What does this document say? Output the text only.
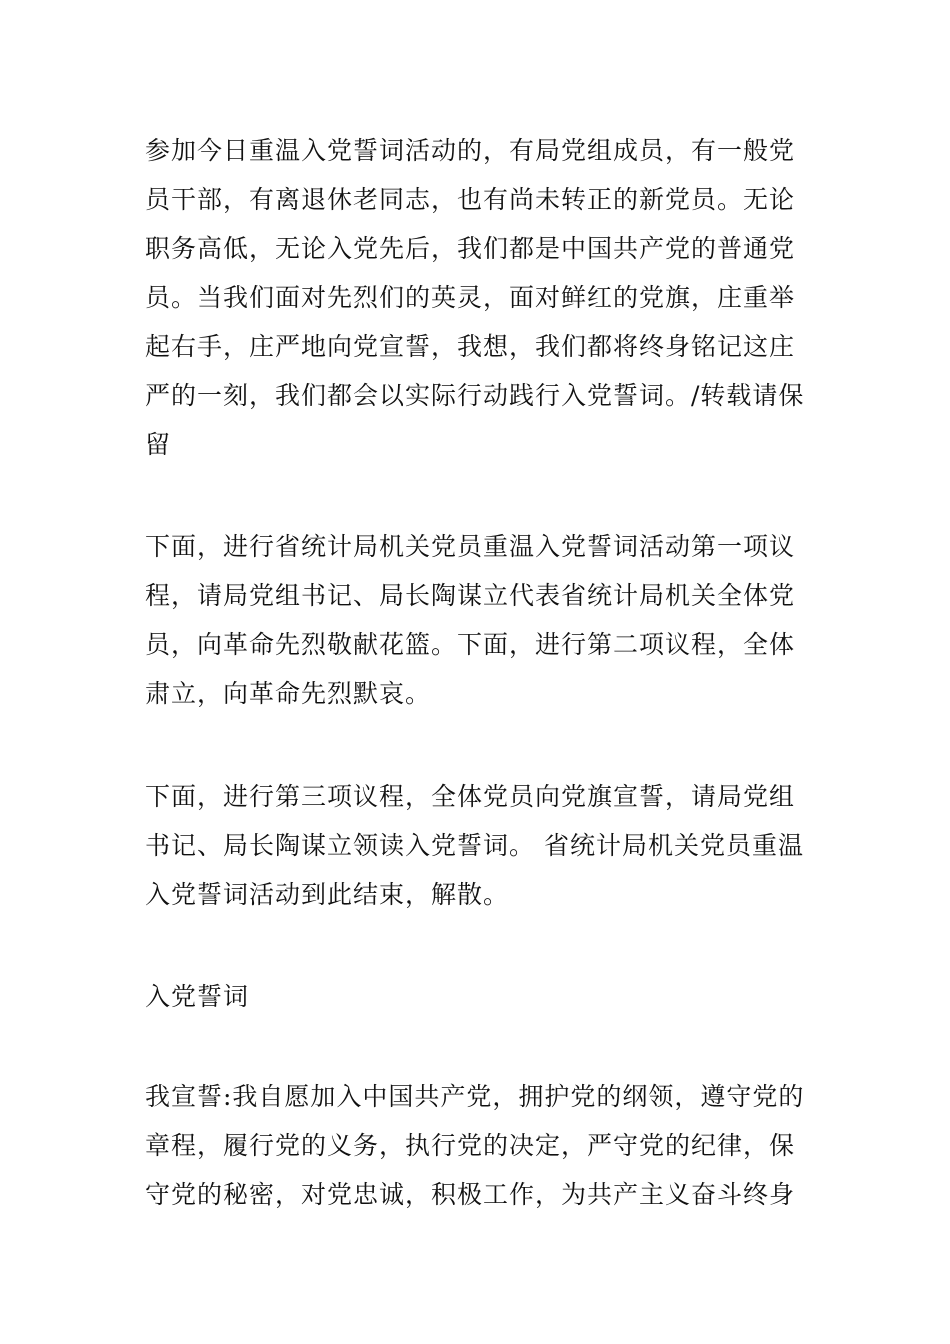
参加今日重温入党誓词活动的，有局党组成员，有一般党
员干部，有离退休老同志，也有尚未转正的新党员。无论
职务高低，无论入党先后，我们都是中国共产党的普通党
员。当我们面对先烈们的英灵，面对鲜红的党旗，庄重举
起右手，庄严地向党宣誓，我想，我们都将终身铭记这庄
严的一刻，我们都会以实际行动践行入党誓词。/转载请保
留
下面，进行省统计局机关党员重温入党誓词活动第一项议
程，请局党组书记、局长陶谋立代表省统计局机关全体党
员，向革命先烈敬献花篮。下面，进行第二项议程，全体
肃立，向革命先烈默哀。
下面，进行第三项议程，全体党员向党旗宣誓，请局党组
书记、局长陶谋立领读入党誓词。 省统计局机关党员重温
入党誓词活动到此结束，解散。
入党誓词
我宣誓:我自愿加入中国共产党，拥护党的纲领，遵守党的
章程，履行党的义务，执行党的决定，严守党的纪律，保
守党的秘密，对党忠诚，积极工作，为共产主义奋斗终身
